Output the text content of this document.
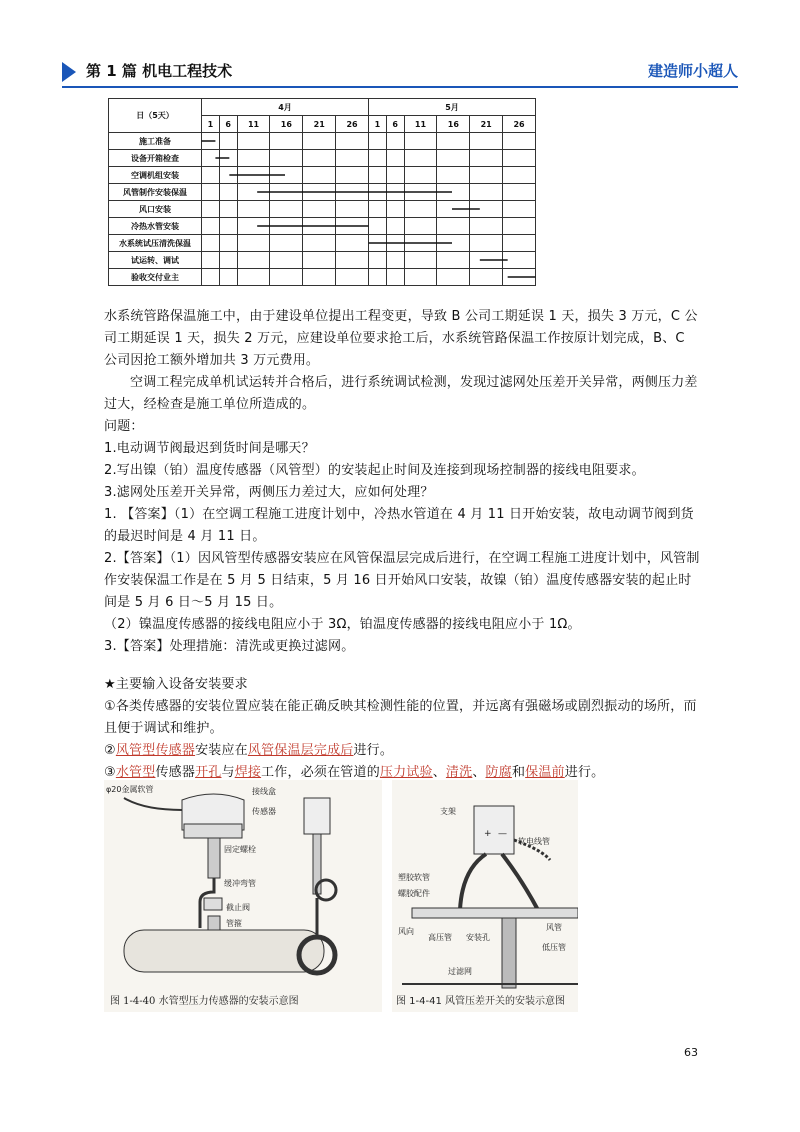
第 1 篇 机电工程技术	建造师小超人
日（5天）	4月						5月					
	1	6	11	16	21	26	1	6	11	16	21	26
施工准备												
设备开箱检查												
空调机组安装												
风管制作安装保温												
风口安装												
冷热水管安装												
水系统试压清洗保温												
试运转、调试												
验收交付业主												
水系统管路保温施工中，由于建设单位提出工程变更，导致 B 公司工期延误 1 天，损失 3 万元，C 公司工期延误 1 天，损失 2 万元，应建设单位要求抢工后，水系统管路保温工作按原计划完成，B、C 公司因抢工额外增加共 3 万元费用。
空调工程完成单机试运转并合格后，进行系统调试检测，发现过滤网处压差开关异常，两侧压力差过大，经检查是施工单位所造成的。
问题：
1.电动调节阀最迟到货时间是哪天？
2.写出镍（铂）温度传感器（风管型）的安装起止时间及连接到现场控制器的接线电阻要求。
3.滤网处压差开关异常，两侧压力差过大，应如何处理？
1. 【答案】（1）在空调工程施工进度计划中，冷热水管道在 4 月 11 日开始安装，故电动调节阀到货的最迟时间是 4 月 11 日。
2.【答案】（1）因风管型传感器安装应在风管保温层完成后进行，在空调工程施工进度计划中，风管制作安装保温工作是在 5 月 5 日结束，5 月 16 日开始风口安装，故镍（铂）温度传感器安装的起止时间是 5 月 6 日～5 月 15 日。
（2）镍温度传感器的接线电阻应小于 3Ω，铂温度传感器的接线电阻应小于 1Ω。
3.【答案】处理措施：清洗或更换过滤网。
★主要输入设备安装要求
①各类传感器的安装位置应装在能正确反映其检测性能的位置，并远离有强磁场或剧烈振动的场所，而且便于调试和维护。
②风管型传感器安装应在风管保温层完成后进行。
③水管型传感器开孔与焊接工作，必须在管道的压力试验、清洗、防腐和保温前进行。
φ20金属软管	接线盒
传感器
固定螺栓
缓冲弯管
截止阀
管箍
图 1-4-40 水管型压力传感器的安装示意图
+ —
支架
软电线管
塑胶软管
螺胶配件
风向
高压管 安装孔
风管
低压管
过滤网
图 1-4-41 风管压差开关的安装示意图
63
